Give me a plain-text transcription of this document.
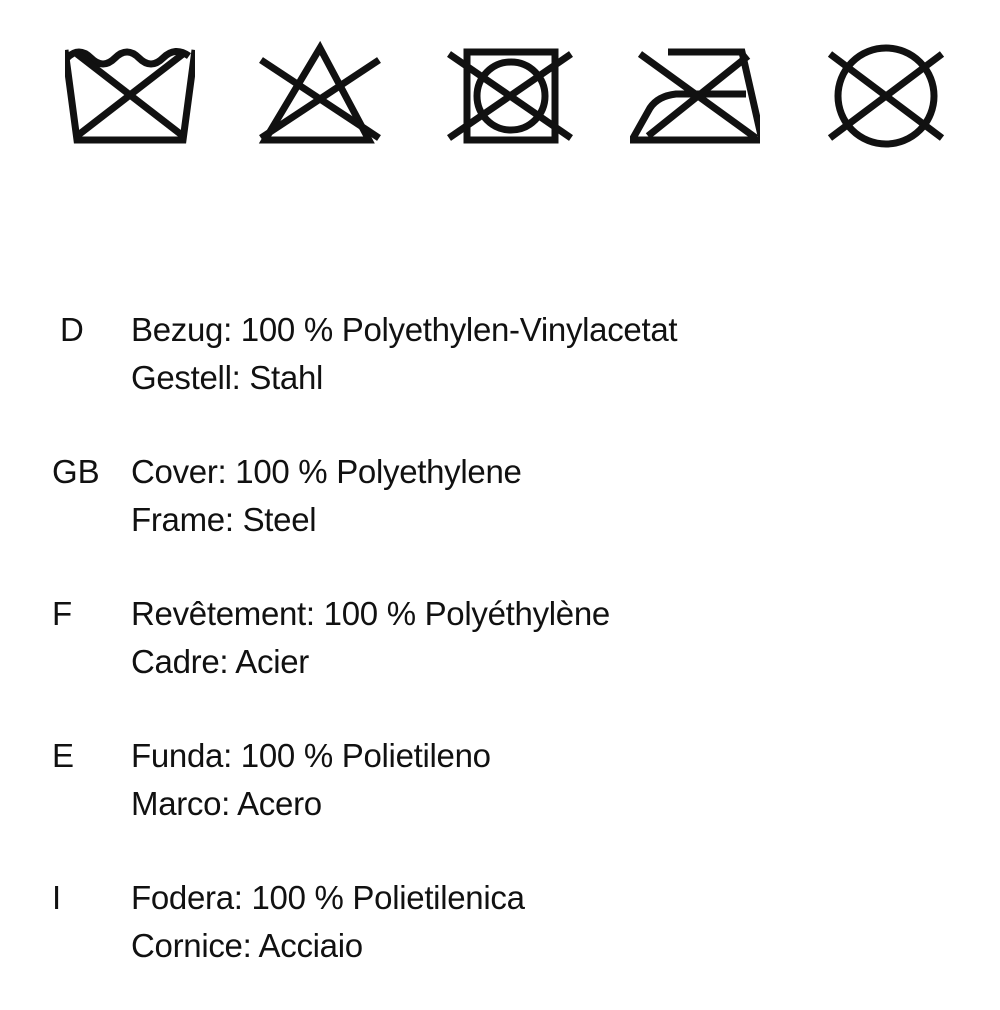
D	Bezug: 100 % Polyethylen-Vinylacetat
Gestell: Stahl
GB Cover: 100 % Polyethylene
Frame: Steel
F	Revêtement: 100 % Polyéthylène
Cadre: Acier
E	Funda: 100 % Polietileno
Marco: Acero
I	Fodera: 100 % Polietilenica
Cornice: Acciaio
